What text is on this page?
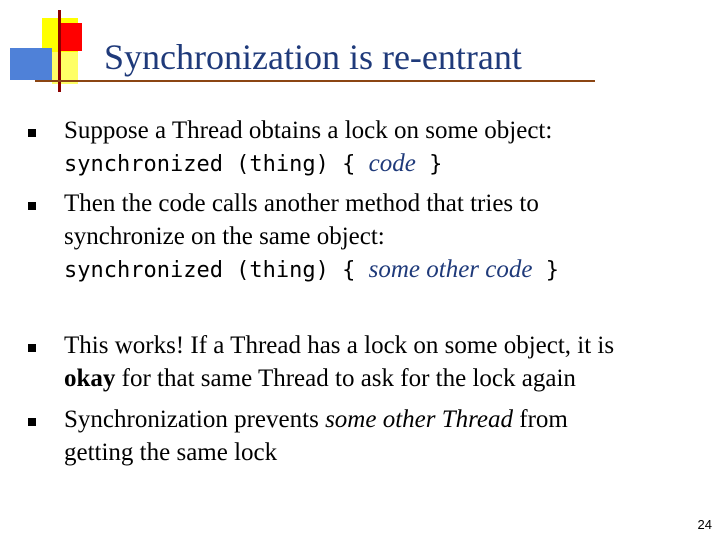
Synchronization is re-entrant
Suppose a Thread obtains a lock on some object:
synchronized (thing) { code }
Then the code calls another method that tries to
synchronize on the same object:
synchronized (thing) { some other code }
This works! If a Thread has a lock on some object, it is
okay for that same Thread to ask for the lock again
Synchronization prevents some other Thread from
getting the same lock
24
